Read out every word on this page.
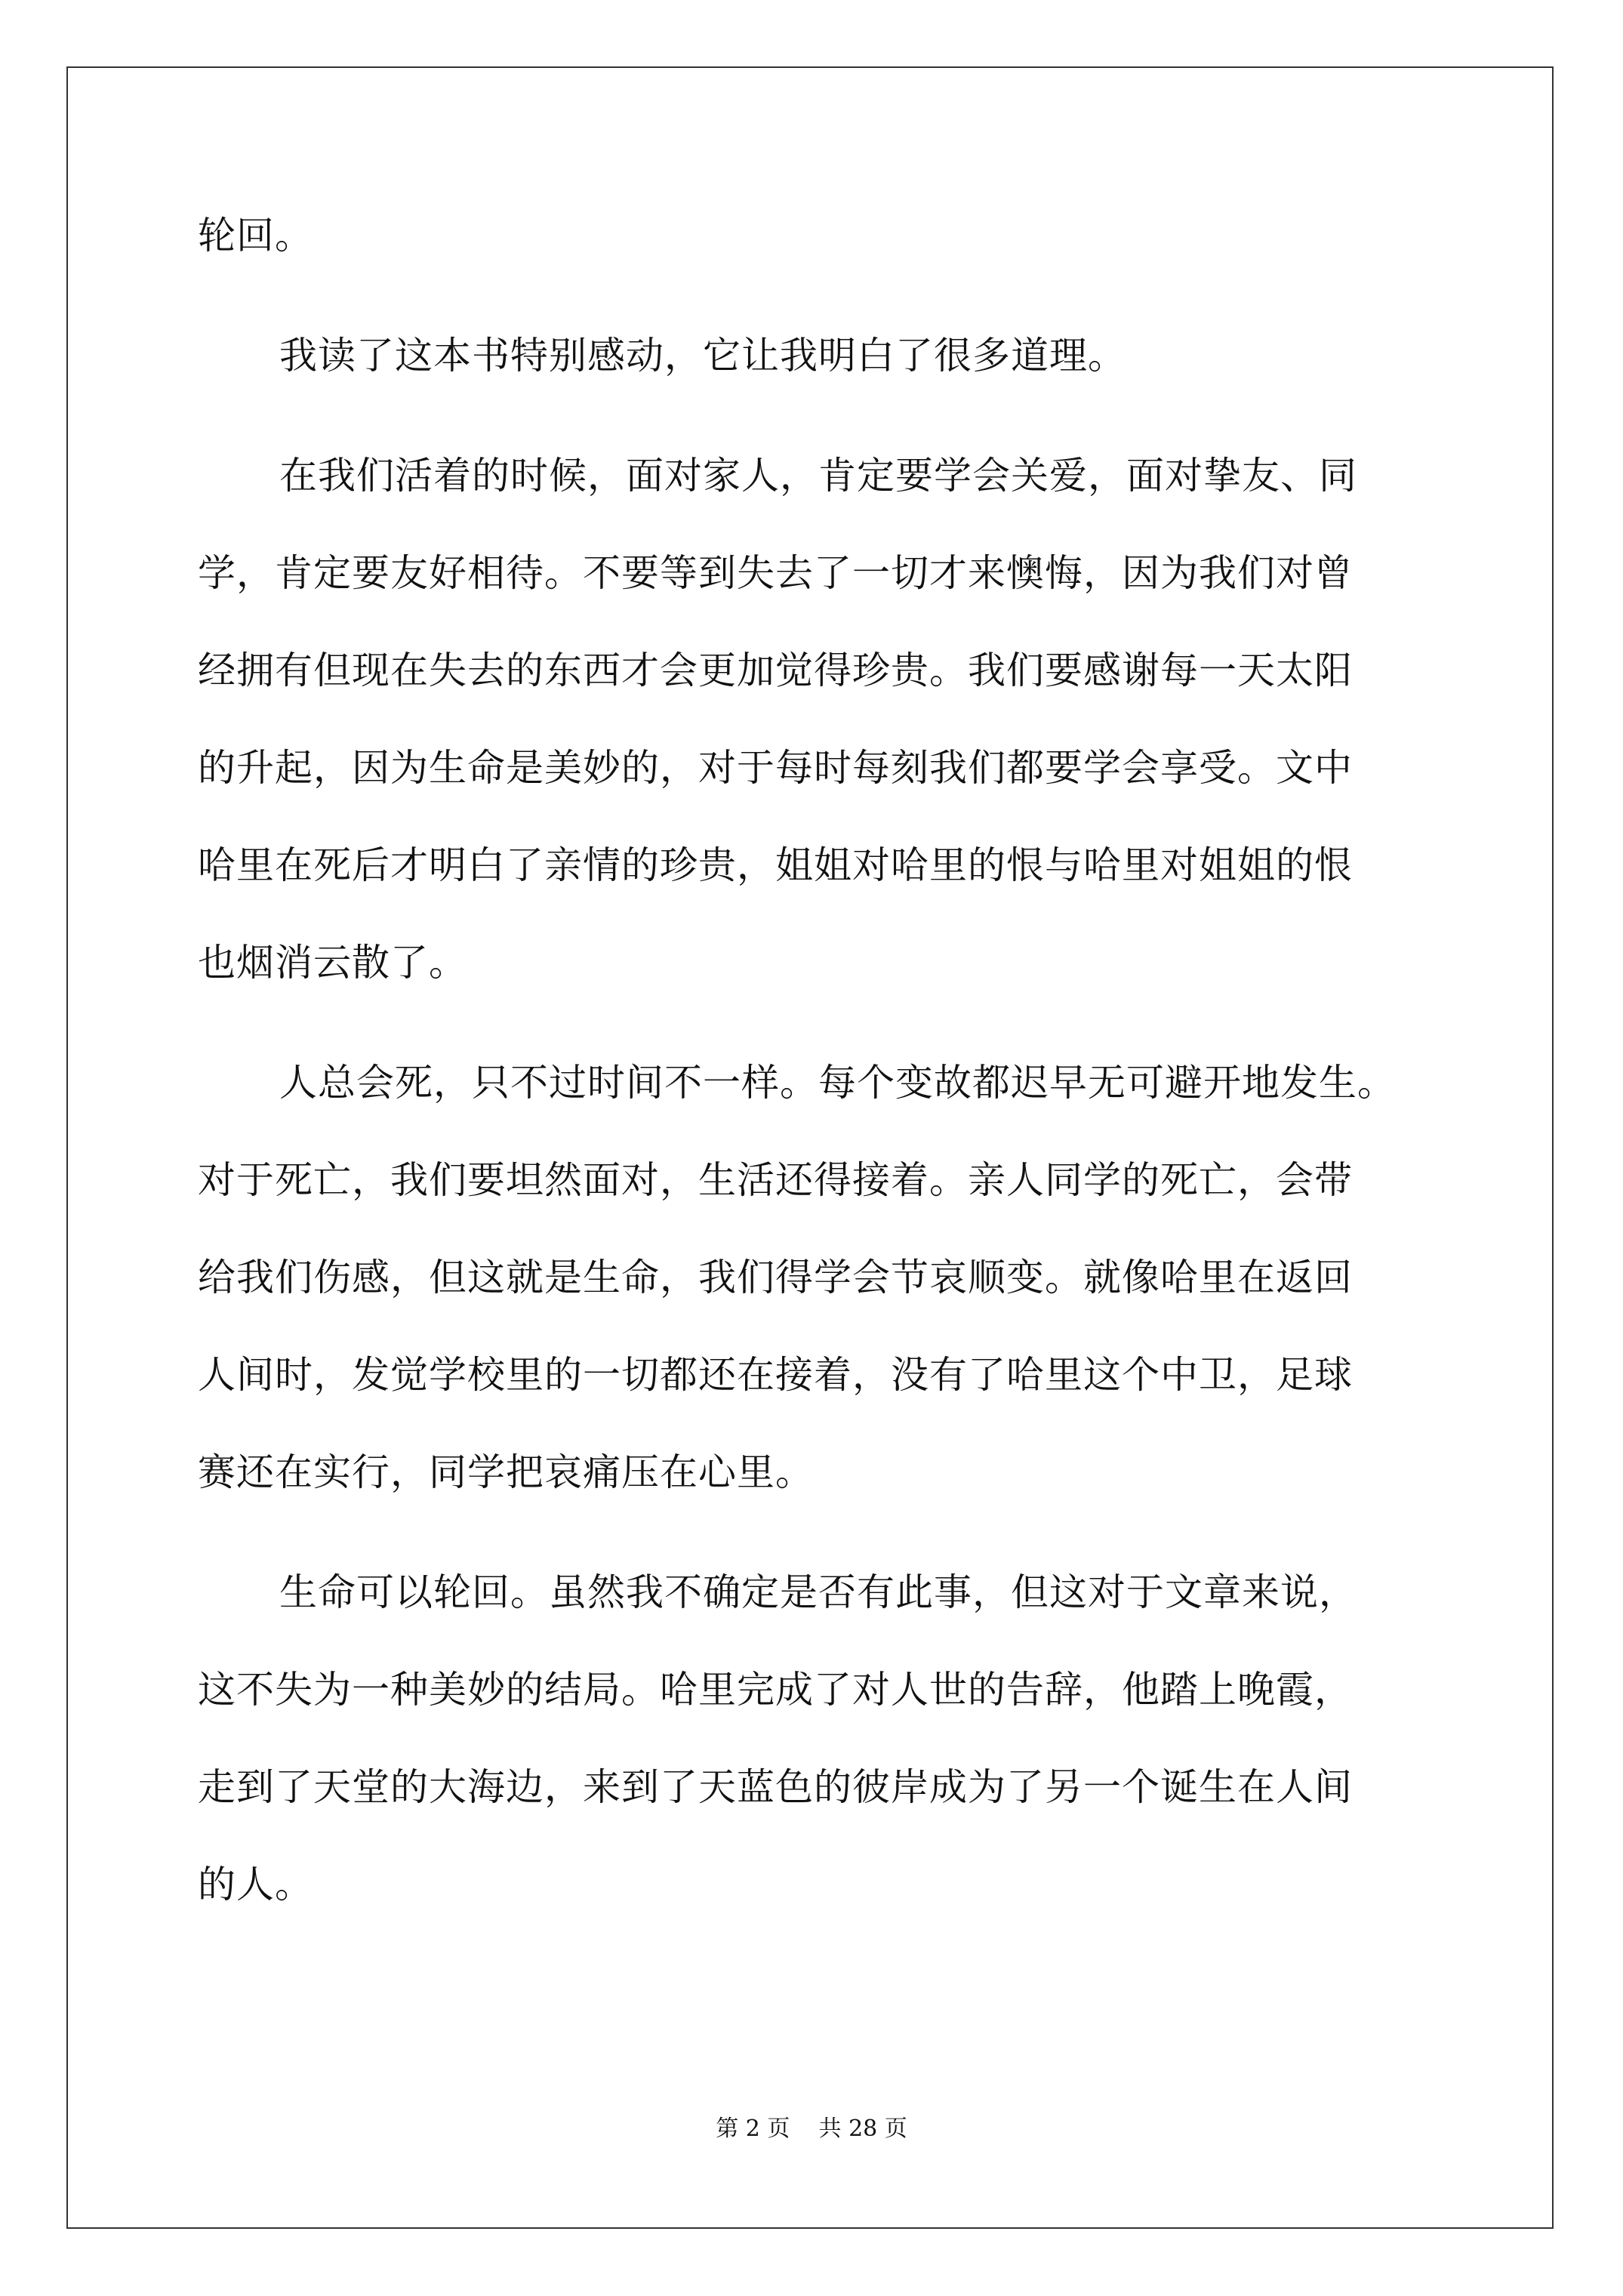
轮回。
我读了这本书特别感动，它让我明白了很多道理。
在我们活着的时候，面对家人，肯定要学会关爱，面对挚友、同
学，肯定要友好相待。不要等到失去了一切才来懊悔，因为我们对曾
经拥有但现在失去的东西才会更加觉得珍贵。我们要感谢每一天太阳
的升起，因为生命是美妙的，对于每时每刻我们都要学会享受。文中
哈里在死后才明白了亲情的珍贵，姐姐对哈里的恨与哈里对姐姐的恨
也烟消云散了。
人总会死，只不过时间不一样。每个变故都迟早无可避开地发生。
对于死亡，我们要坦然面对，生活还得接着。亲人同学的死亡，会带
给我们伤感，但这就是生命，我们得学会节哀顺变。就像哈里在返回
人间时，发觉学校里的一切都还在接着，没有了哈里这个中卫，足球
赛还在实行，同学把哀痛压在心里。
生命可以轮回。虽然我不确定是否有此事，但这对于文章来说，
这不失为一种美妙的结局。哈里完成了对人世的告辞，他踏上晚霞，
走到了天堂的大海边，来到了天蓝色的彼岸成为了另一个诞生在人间
的人。
第 2 页 共 28 页
